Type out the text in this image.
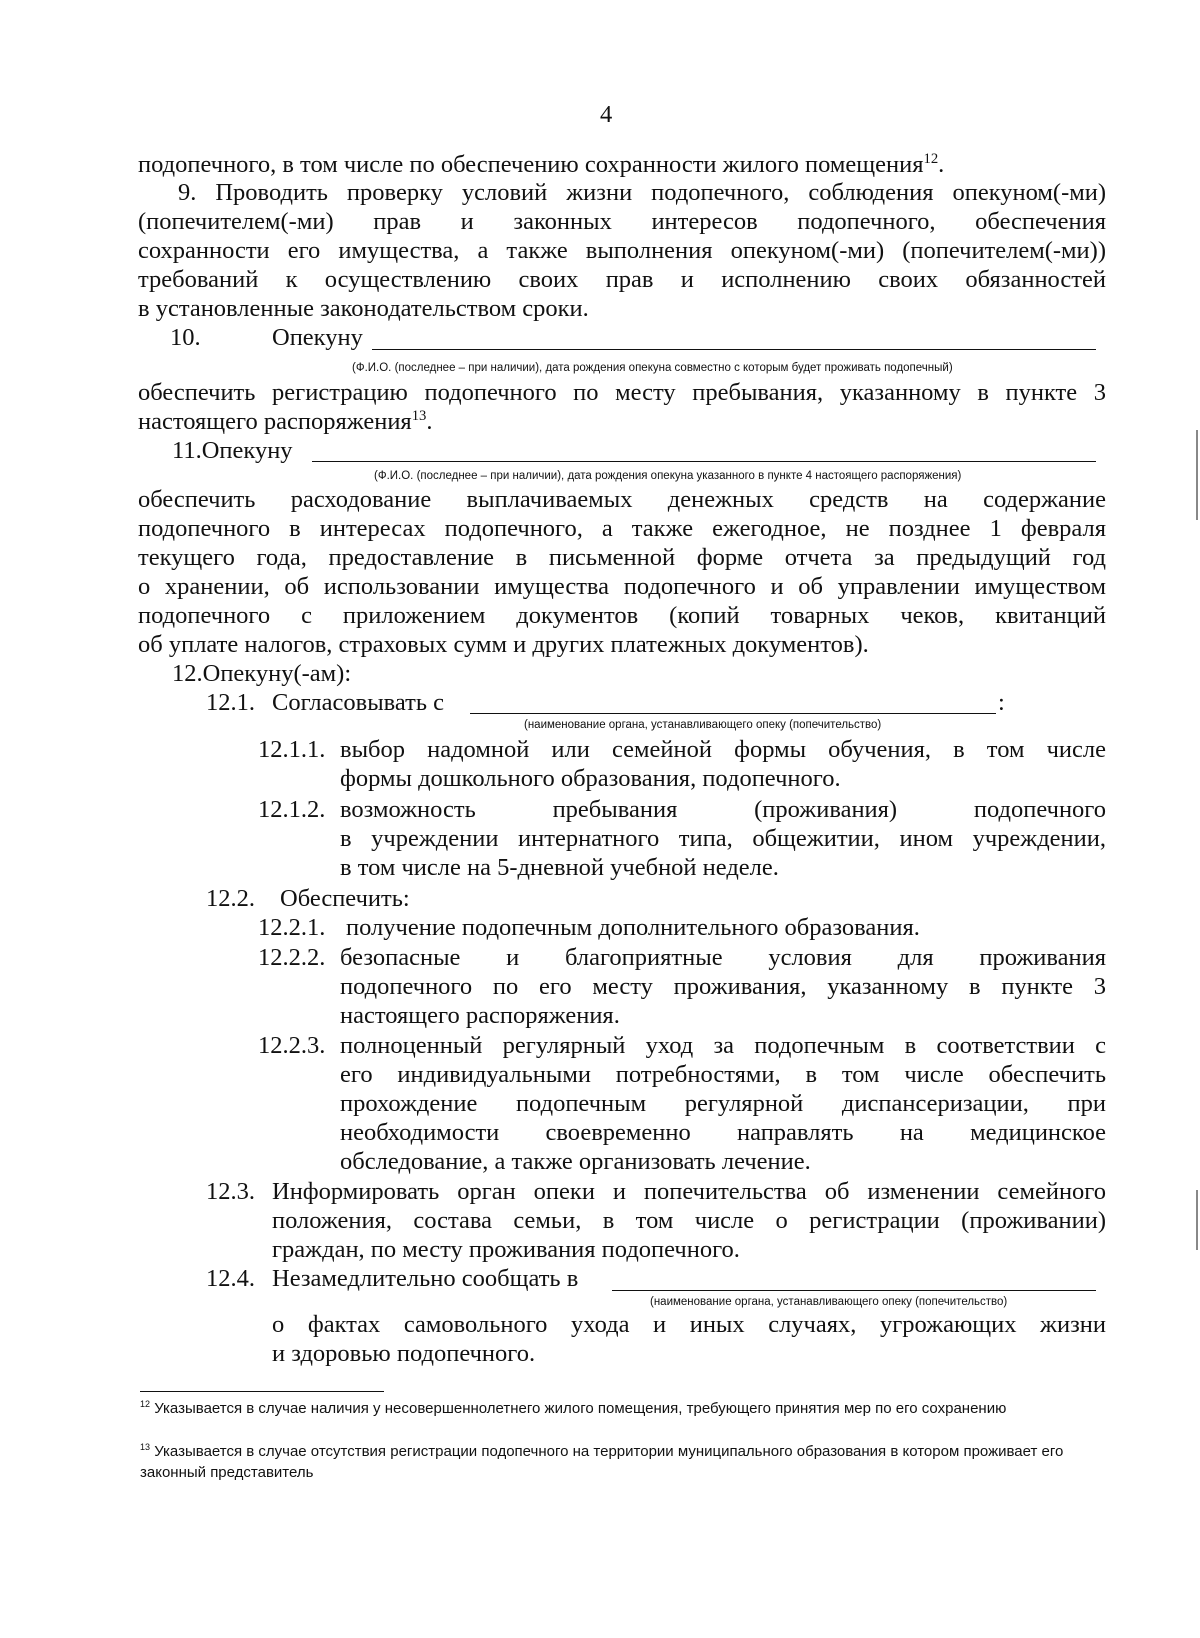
4
подопечного, в том числе по обеспечению сохранности жилого помещения$^{12}$.
9. Проводить проверку условий жизни подопечного, соблюдения опекуном(-ми)
(попечителем(-ми) прав и законных интересов подопечного, обеспечения
сохранности его имущества, а также выполнения опекуном(-ми) (попечителем(-ми))
требований к осуществлению своих прав и исполнению своих обязанностей
в установленные законодательством сроки.
10.	Опекуну
(Ф.И.О. (последнее – при наличии), дата рождения опекуна совместно с которым будет проживать подопечный)
обеспечить регистрацию подопечного по месту пребывания, указанному в пункте 3
настоящего распоряжения$^{13}$.
11.Опекуну
(Ф.И.О. (последнее – при наличии), дата рождения опекуна указанного в пункте 4 настоящего распоряжения)
обеспечить расходование выплачиваемых денежных средств на содержание
подопечного в интересах подопечного, а также ежегодное, не позднее 1 февраля
текущего года, предоставление в письменной форме отчета за предыдущий год
о хранении, об использовании имущества подопечного и об управлении имуществом
подопечного с приложением документов (копий товарных чеков, квитанций
об уплате налогов, страховых сумм и других платежных документов).
12.Опекуну(-ам):
12.1. Согласовывать с	:
(наименование органа, устанавливающего опеку (попечительство)
12.1.1. выбор надомной или семейной формы обучения, в том числе
формы дошкольного образования, подопечного.
12.1.2. возможность пребывания (проживания) подопечного
в учреждении интернатного типа, общежитии, ином учреждении,
в том числе на 5-дневной учебной неделе.
12.2. Обеспечить:
12.2.1. получение подопечным дополнительного образования.
12.2.2. безопасные и благоприятные условия для проживания
подопечного по его месту проживания, указанному в пункте 3
настоящего распоряжения.
12.2.3. полноценный регулярный уход за подопечным в соответствии с
его индивидуальными потребностями, в том числе обеспечить
прохождение подопечным регулярной диспансеризации, при
необходимости своевременно направлять на медицинское
обследование, а также организовать лечение.
12.3. Информировать орган опеки и попечительства об изменении семейного
положения, состава семьи, в том числе о регистрации (проживании)
граждан, по месту проживания подопечного.
12.4. Незамедлительно сообщать в
(наименование органа, устанавливающего опеку (попечительство)
о фактах самовольного ухода и иных случаях, угрожающих жизни
и здоровью подопечного.
$^{12}$ Указывается в случае наличия у несовершеннолетнего жилого помещения, требующего принятия мер по его сохранению
$^{13}$ Указывается в случае отсутствия регистрации подопечного на территории муниципального образования в котором проживает его законный представитель
